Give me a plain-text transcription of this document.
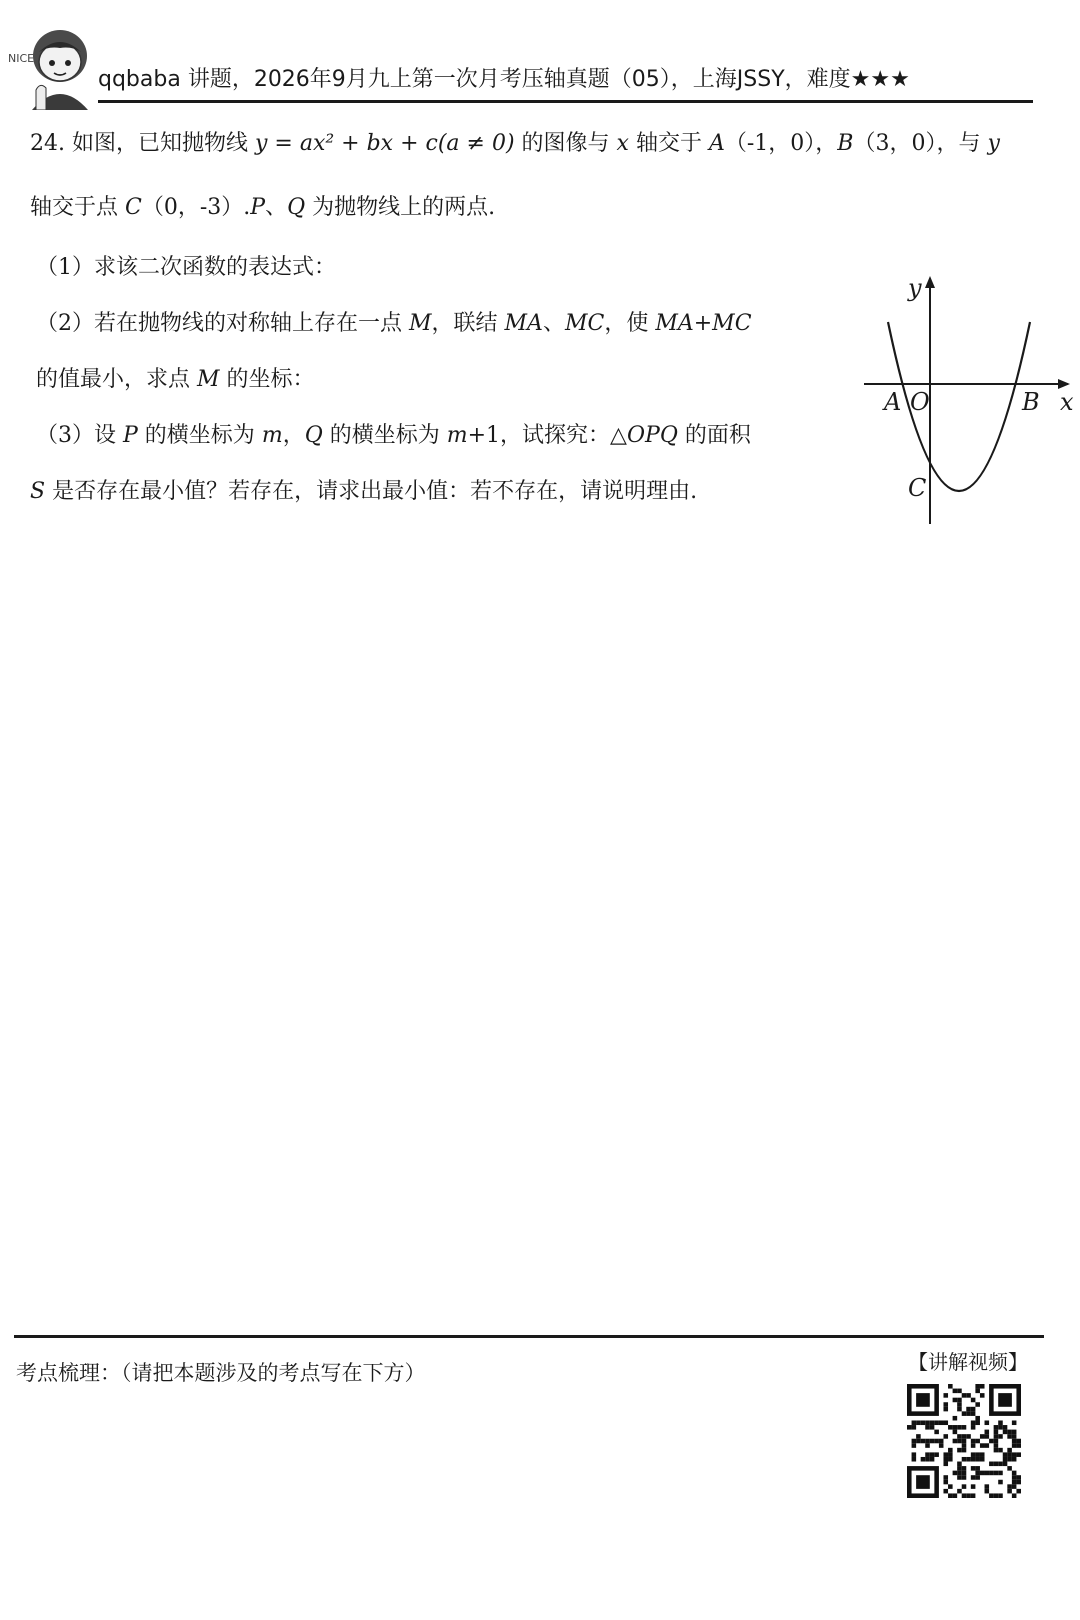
NICE
qqbaba 讲题，2026年9月九上第一次月考压轴真题（05），上海JSSY，难度★★★
24. 如图，已知抛物线 y = ax² + bx + c(a ≠ 0) 的图像与 x 轴交于 A（-1，0），B（3，0），与 y
轴交于点 C（0，-3）.P、Q 为抛物线上的两点.
（1）求该二次函数的表达式：
（2）若在抛物线的对称轴上存在一点 M，联结 MA、MC，使 MA+MC
的值最小，求点 M 的坐标：
（3）设 P 的横坐标为 m，Q 的横坐标为 m+1，试探究：△OPQ 的面积
S 是否存在最小值？若存在，请求出最小值：若不存在，请说明理由.
y
x
A O	B
C
考点梳理：（请把本题涉及的考点写在下方）	【讲解视频】
